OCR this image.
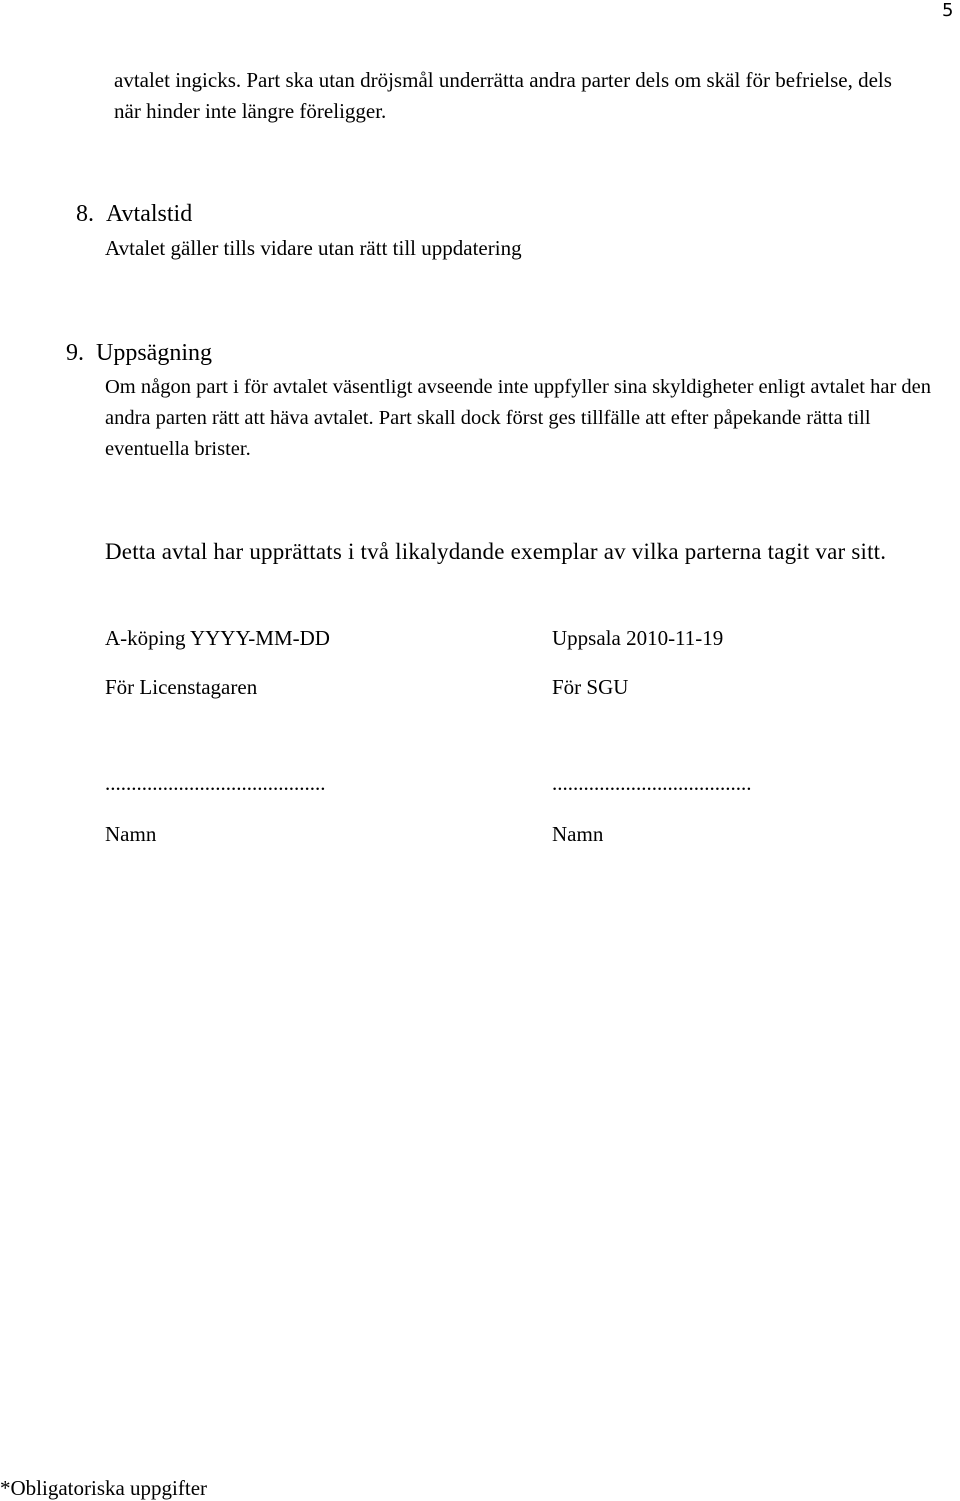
5

avtalet ingicks. Part ska utan dröjsmål underrätta andra parter dels om skäl för befrielse, dels när hinder inte längre föreligger.

8. Avtalstid

Avtalet gäller tills vidare utan rätt till uppdatering

9. Uppsägning

Om någon part i för avtalet väsentligt avseende inte uppfyller sina skyldigheter enligt avtalet har den andra parten rätt att häva avtalet. Part skall dock först ges tillfälle att efter påpekande rätta till eventuella brister.

Detta avtal har upprättats i två likalydande exemplar av vilka parterna tagit var sitt.

A-köping YYYY-MM-DD	Uppsala 2010-11-19
För Licenstagaren	För SGU
..........................................	......................................
Namn	Namn
*Obligatoriska uppgifter
